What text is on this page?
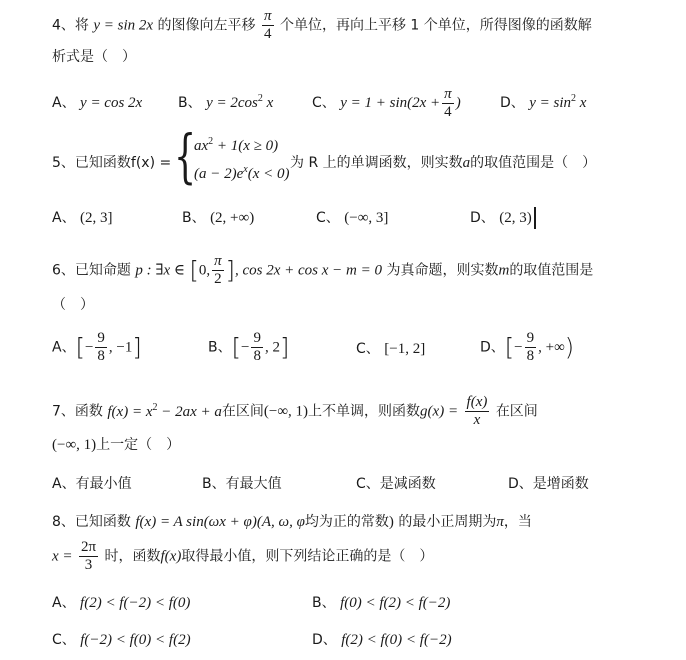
4、将 y = sin 2x 的图像向左平移 $\frac{\pi}{4}$ 个单位，再向上平移 1 个单位，所得图像的函数解
析式是（　）
A、 y = cos 2x	B、 $y = 2\cos^2$ x	C、 $y = 1 + \sin(2x + \frac{\pi}{4}$ )	D、 $y = \sin^2 x$
5、已知函数f(x) = {
$ax^2 + 1(x \ge 0)$
$(a - 2)e^x(x < 0)$
为 R 上的单调函数，则实数a的取值范围是（　）
A、 (2, 3]	B、 (2, +∞)	C、 (−∞, 3]	D、 (2, 3)
6、已知命题 p : ∃x ∈ [0, $\frac{\pi}{2}$ ], cos 2x + cos x − m = 0 为真命题，则实数m的取值范围是
（　）
A、[− $\frac{9}{8}$ , −1]	B、[− $\frac{9}{8}$ , 2]	C、 [−1, 2]	D、[− $\frac{9}{8}$ , +∞)
7、函数 $f(x) = x^2 - 2ax + a$在区间(−∞, 1)上不单调，则函数$g(x) = \frac{f(x)}{x}$ 在区间
(−∞, 1)上一定（　）
A、有最小值	B、有最大值	C、是减函数	D、是增函数
8、已知函数 f(x) = A sin(ωx + φ)(A, ω, φ均为正的常数) 的最小正周期为π，当
$x = \frac{2\pi}{3}$ 时，函数f(x)取得最小值，则下列结论正确的是（　）
A、 f(2) < f(−2) < f(0)	B、 f(0) < f(2) < f(−2)
C、 f(−2) < f(0) < f(2)	D、 f(2) < f(0) < f(−2)
